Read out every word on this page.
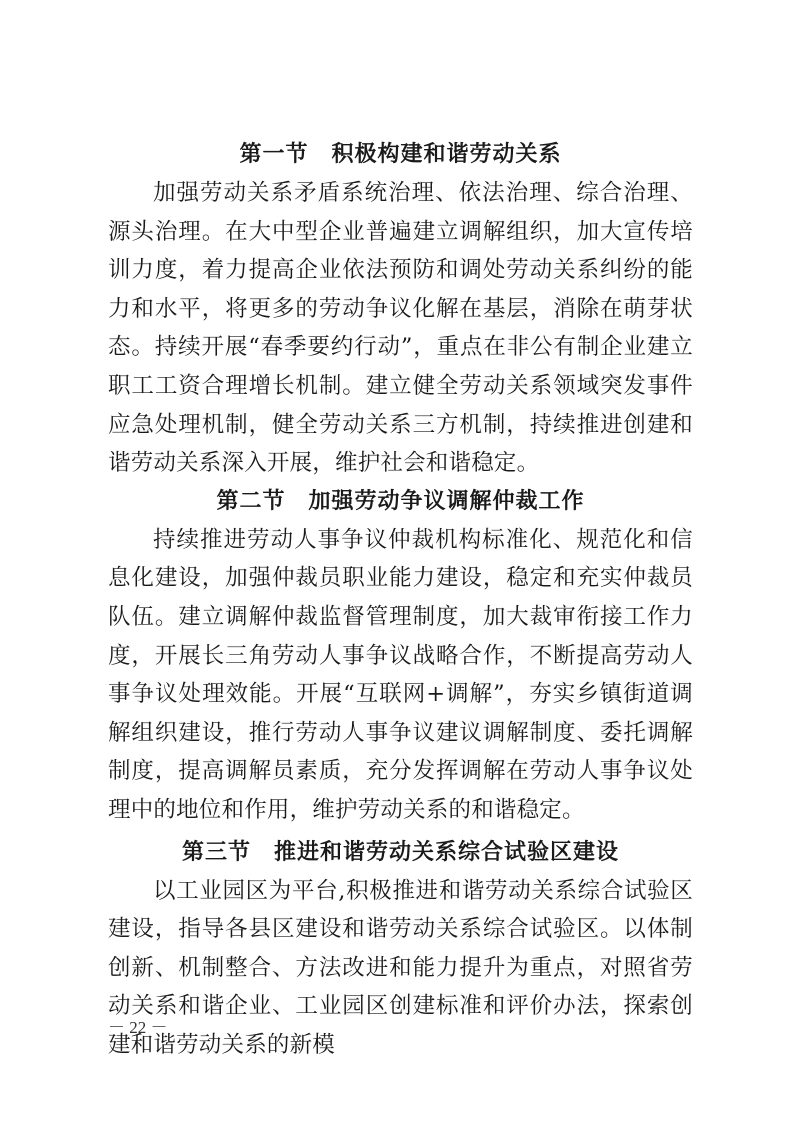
第一节　积极构建和谐劳动关系

加强劳动关系矛盾系统治理、依法治理、综合治理、源头治理。在大中型企业普遍建立调解组织，加大宣传培训力度，着力提高企业依法预防和调处劳动关系纠纷的能力和水平，将更多的劳动争议化解在基层，消除在萌芽状态。持续开展“春季要约行动”，重点在非公有制企业建立职工工资合理增长机制。建立健全劳动关系领域突发事件应急处理机制，健全劳动关系三方机制，持续推进创建和谐劳动关系深入开展，维护社会和谐稳定。

第二节　加强劳动争议调解仲裁工作

持续推进劳动人事争议仲裁机构标准化、规范化和信息化建设，加强仲裁员职业能力建设，稳定和充实仲裁员队伍。建立调解仲裁监督管理制度，加大裁审衔接工作力度，开展长三角劳动人事争议战略合作，不断提高劳动人事争议处理效能。开展“互联网+调解”，夯实乡镇街道调解组织建设，推行劳动人事争议建议调解制度、委托调解制度，提高调解员素质，充分发挥调解在劳动人事争议处理中的地位和作用，维护劳动关系的和谐稳定。

第三节　推进和谐劳动关系综合试验区建设

以工业园区为平台,积极推进和谐劳动关系综合试验区建设，指导各县区建设和谐劳动关系综合试验区。以体制创新、机制整合、方法改进和能力提升为重点，对照省劳动关系和谐企业、工业园区创建标准和评价办法，探索创建和谐劳动关系的新模

－ 22 －
